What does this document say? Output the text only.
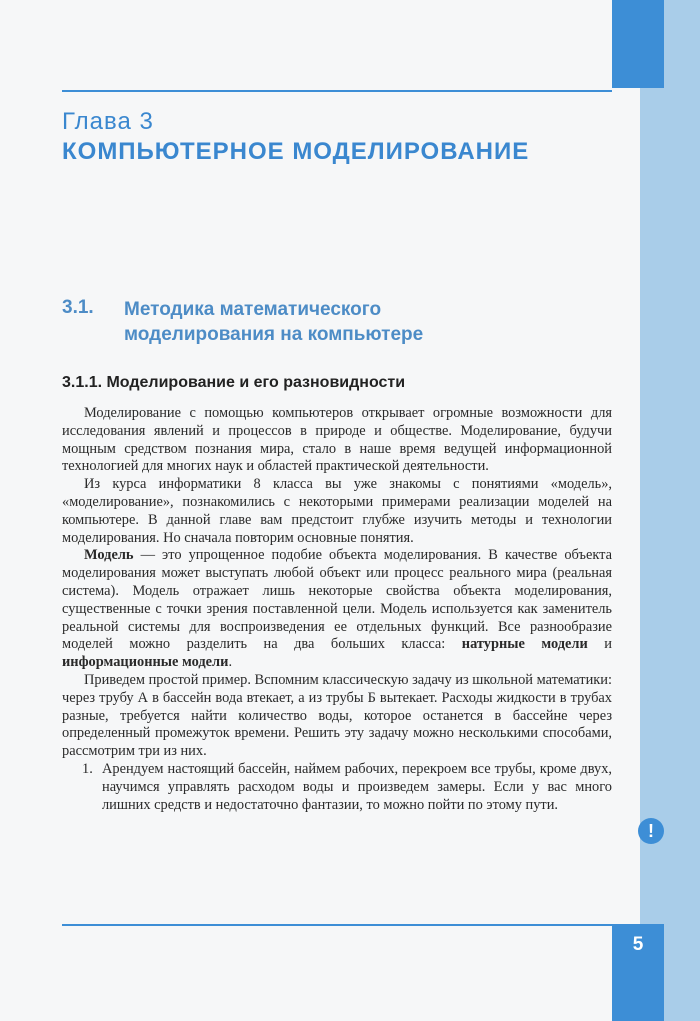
5
Глава 3
КОМПЬЮТЕРНОЕ МОДЕЛИРОВАНИЕ
3.1. Методика математического
моделирования на компьютере
3.1.1. Моделирование и его разновидности

Моделирование с помощью компьютеров открывает огромные возможности для исследования явлений и процессов в природе и обществе. Моделирование, будучи мощным средством познания мира, стало в наше время ведущей информационной технологией для многих наук и областей практической деятельности.

Из курса информатики 8 класса вы уже знакомы с понятиями «модель», «моделирование», познакомились с некоторыми примерами реализации моделей на компьютере. В данной главе вам предстоит глубже изучить методы и технологии моделирования. Но сначала повторим основные понятия.

Модель — это упрощенное подобие объекта моделирования. В качестве объекта моделирования может выступать любой объект или процесс реального мира (реальная система). Модель отражает лишь некоторые свойства объекта моделирования, существенные с точки зрения поставленной цели. Модель используется как заменитель реальной системы для воспроизведения ее отдельных функций. Все разнообразие моделей можно разделить на два больших класса: натурные модели и информационные модели.

Приведем простой пример. Вспомним классическую задачу из школьной математики: через трубу А в бассейн вода втекает, а из трубы Б вытекает. Расходы жидкости в трубах разные, требуется найти количество воды, которое останется в бассейне через определенный промежуток времени. Решить эту задачу можно несколькими способами, рассмотрим три из них.

1. Арендуем настоящий бассейн, наймем рабочих, перекроем все трубы, кроме двух, научимся управлять расходом воды и произведем замеры. Если у вас много лишних средств и недостаточно фантазии, то можно пойти по этому пути.

!
